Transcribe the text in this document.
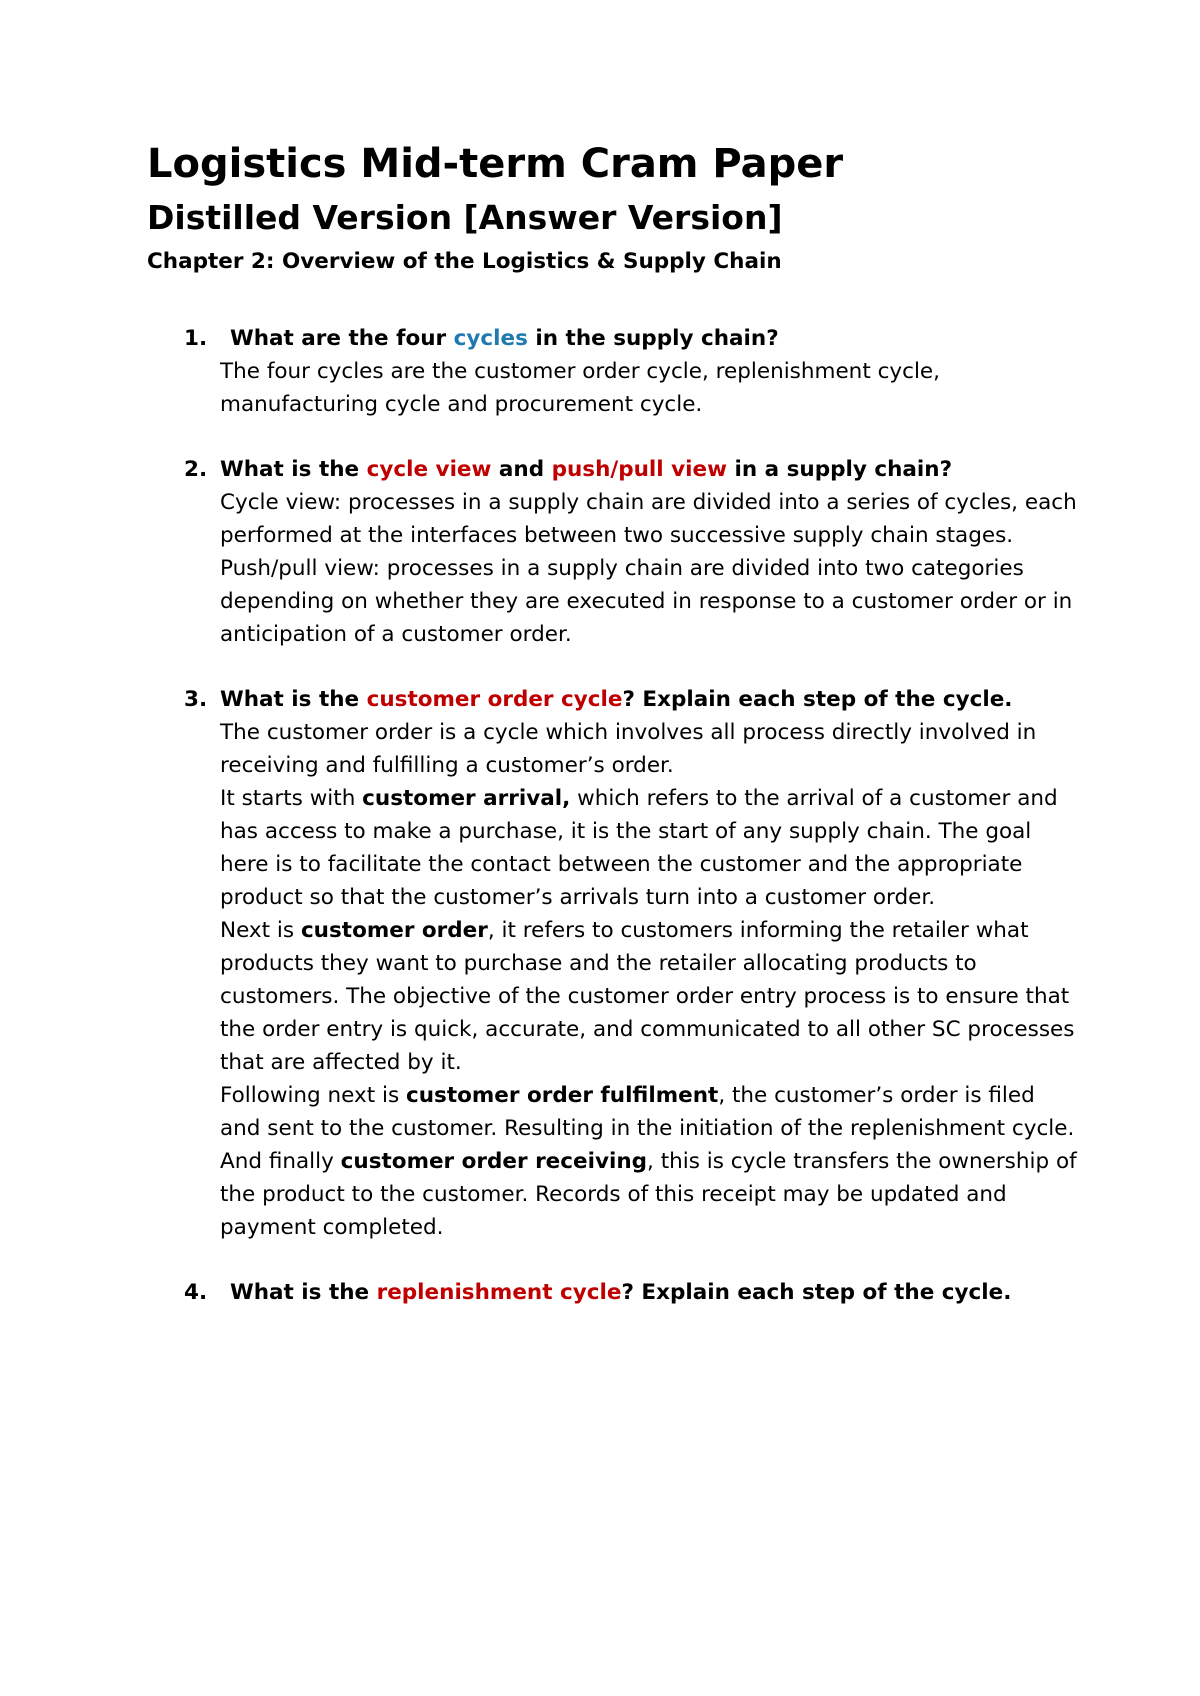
Logistics Mid-term Cram Paper
Distilled Version [Answer Version]
Chapter 2: Overview of the Logistics & Supply Chain
1.	What are the four cycles in the supply chain?
The four cycles are the customer order cycle, replenishment cycle, manufacturing cycle and procurement cycle.
2. What is the cycle view and push/pull view in a supply chain?
Cycle view: processes in a supply chain are divided into a series of cycles, each performed at the interfaces between two successive supply chain stages. Push/pull view: processes in a supply chain are divided into two categories depending on whether they are executed in response to a customer order or in anticipation of a customer order.
3. What is the customer order cycle? Explain each step of the cycle.
The customer order is a cycle which involves all process directly involved in receiving and fulfilling a customer’s order.
It starts with customer arrival, which refers to the arrival of a customer and has access to make a purchase, it is the start of any supply chain. The goal here is to facilitate the contact between the customer and the appropriate product so that the customer’s arrivals turn into a customer order.
Next is customer order, it refers to customers informing the retailer what products they want to purchase and the retailer allocating products to customers. The objective of the customer order entry process is to ensure that the order entry is quick, accurate, and communicated to all other SC processes that are affected by it.
Following next is customer order fulfilment, the customer’s order is filed and sent to the customer. Resulting in the initiation of the replenishment cycle.
And finally customer order receiving, this is cycle transfers the ownership of the product to the customer. Records of this receipt may be updated and payment completed.
4.	What is the replenishment cycle? Explain each step of the cycle.
